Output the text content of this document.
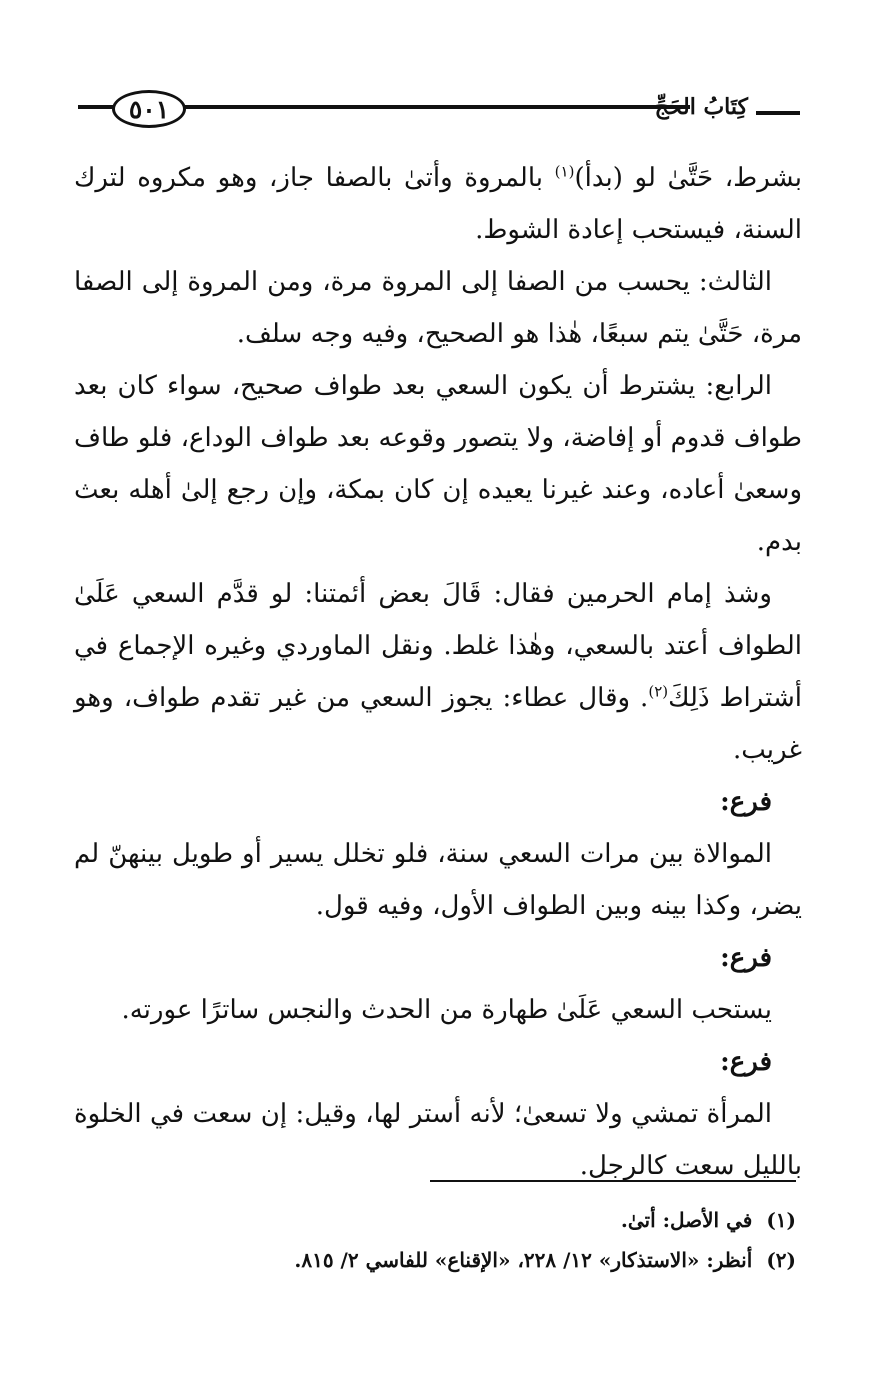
٥٠١	كِتَابُ الحَجِّ

بشرط، حَتَّىٰ لو (بدأ)$^{(١)}$ بالمروة وأتىٰ بالصفا جاز، وهو مكروه لترك السنة، فيستحب إعادة الشوط.

الثالث: يحسب من الصفا إلى المروة مرة، ومن المروة إلى الصفا مرة، حَتَّىٰ يتم سبعًا، هٰذا هو الصحيح، وفيه وجه سلف.

الرابع: يشترط أن يكون السعي بعد طواف صحيح، سواء كان بعد طواف قدوم أو إفاضة، ولا يتصور وقوعه بعد طواف الوداع، فلو طاف وسعىٰ أعاده، وعند غيرنا يعيده إن كان بمكة، وإن رجع إلىٰ أهله بعث بدم.

وشذ إمام الحرمين فقال: قَالَ بعض أئمتنا: لو قدَّم السعي عَلَىٰ الطواف أعتد بالسعي، وهٰذا غلط. ونقل الماوردي وغيره الإجماع في أشتراط ذَلِكَ$^{(٢)}$. وقال عطاء: يجوز السعي من غير تقدم طواف، وهو غريب.

فرع:

الموالاة بين مرات السعي سنة، فلو تخلل يسير أو طويل بينهنّ لم يضر، وكذا بينه وبين الطواف الأول، وفيه قول.

فرع:

يستحب السعي عَلَىٰ طهارة من الحدث والنجس ساترًا عورته.

فرع:

المرأة تمشي ولا تسعىٰ؛ لأنه أستر لها، وقيل: إن سعت في الخلوة بالليل سعت كالرجل.

(١)
في الأصل: أتىٰ.
(٢)
أنظر: «الاستذكار» ١٢/ ٢٢٨، «الإقناع» للفاسي ٢/ ٨١٥.
